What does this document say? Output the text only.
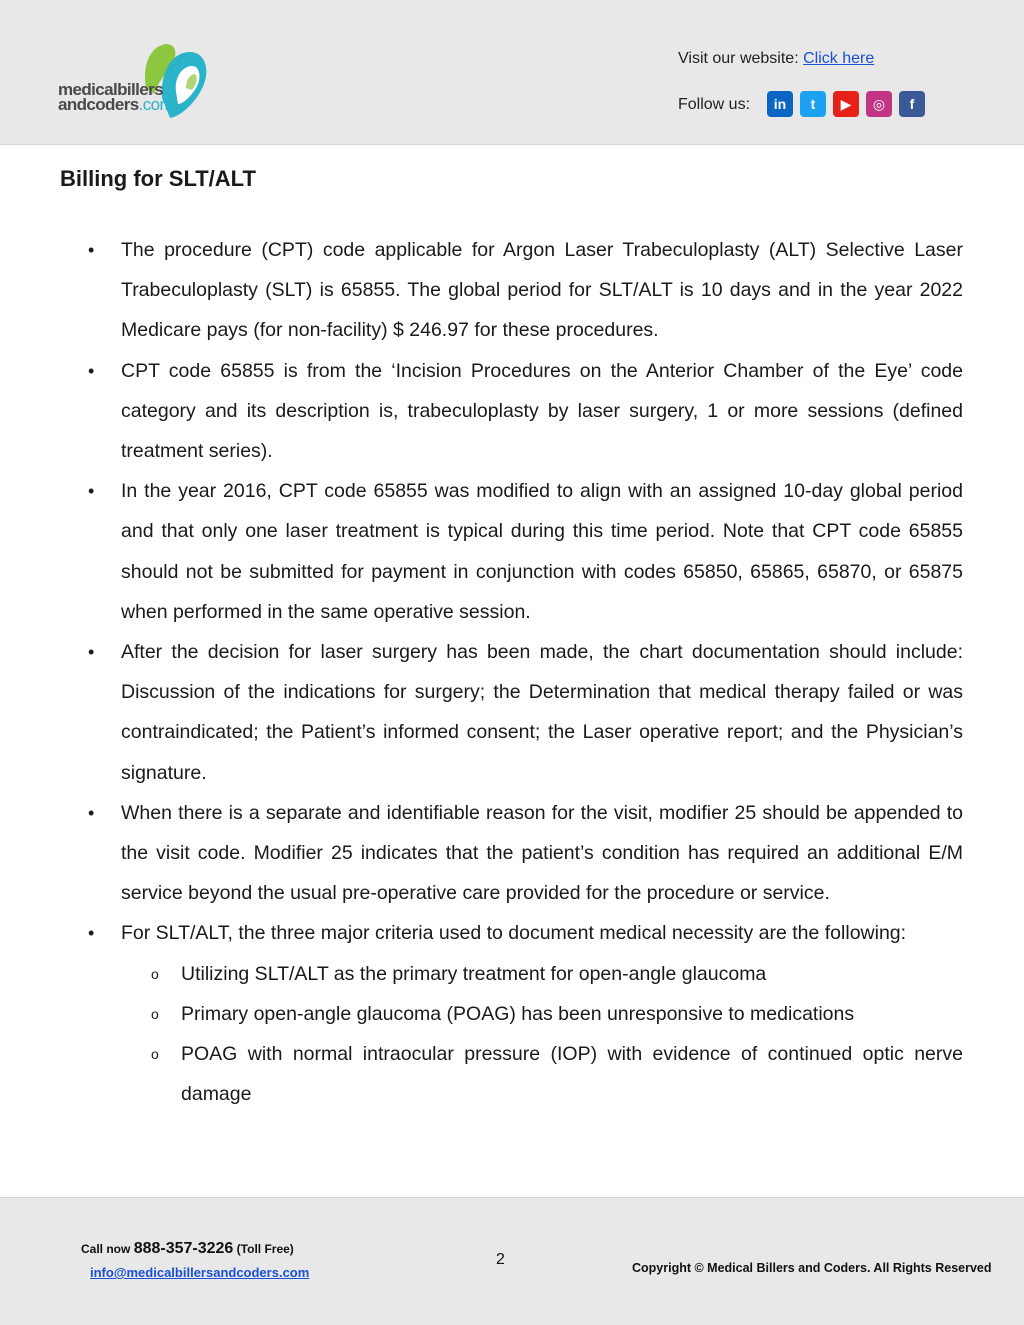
medicalbillers
andcoders.com
Visit our website: Click here
Follow us:	in	t	▶	◎	f
Billing for SLT/ALT
• The procedure (CPT) code applicable for Argon Laser Trabeculoplasty (ALT) Selective Laser Trabeculoplasty (SLT) is 65855. The global period for SLT/ALT is 10 days and in the year 2022 Medicare pays (for non-facility) $ 246.97 for these procedures.
• CPT code 65855 is from the ‘Incision Procedures on the Anterior Chamber of the Eye’ code category and its description is, trabeculoplasty by laser surgery, 1 or more sessions (defined treatment series).
• In the year 2016, CPT code 65855 was modified to align with an assigned 10-day global period and that only one laser treatment is typical during this time period. Note that CPT code 65855 should not be submitted for payment in conjunction with codes 65850, 65865, 65870, or 65875 when performed in the same operative session.
• After the decision for laser surgery has been made, the chart documentation should include: Discussion of the indications for surgery; the Determination that medical therapy failed or was contraindicated; the Patient’s informed consent; the Laser operative report; and the Physician’s signature.
• When there is a separate and identifiable reason for the visit, modifier 25 should be appended to the visit code. Modifier 25 indicates that the patient’s condition has required an additional E/M service beyond the usual pre-operative care provided for the procedure or service.
• For SLT/ALT, the three major criteria used to document medical necessity are the following:
o Utilizing SLT/ALT as the primary treatment for open-angle glaucoma
o Primary open-angle glaucoma (POAG) has been unresponsive to medications
o POAG with normal intraocular pressure (IOP) with evidence of continued optic nerve damage
Call now 888-357-3226 (Toll Free)
info@medicalbillersandcoders.com
2	Copyright © Medical Billers and Coders. All Rights Reserved
